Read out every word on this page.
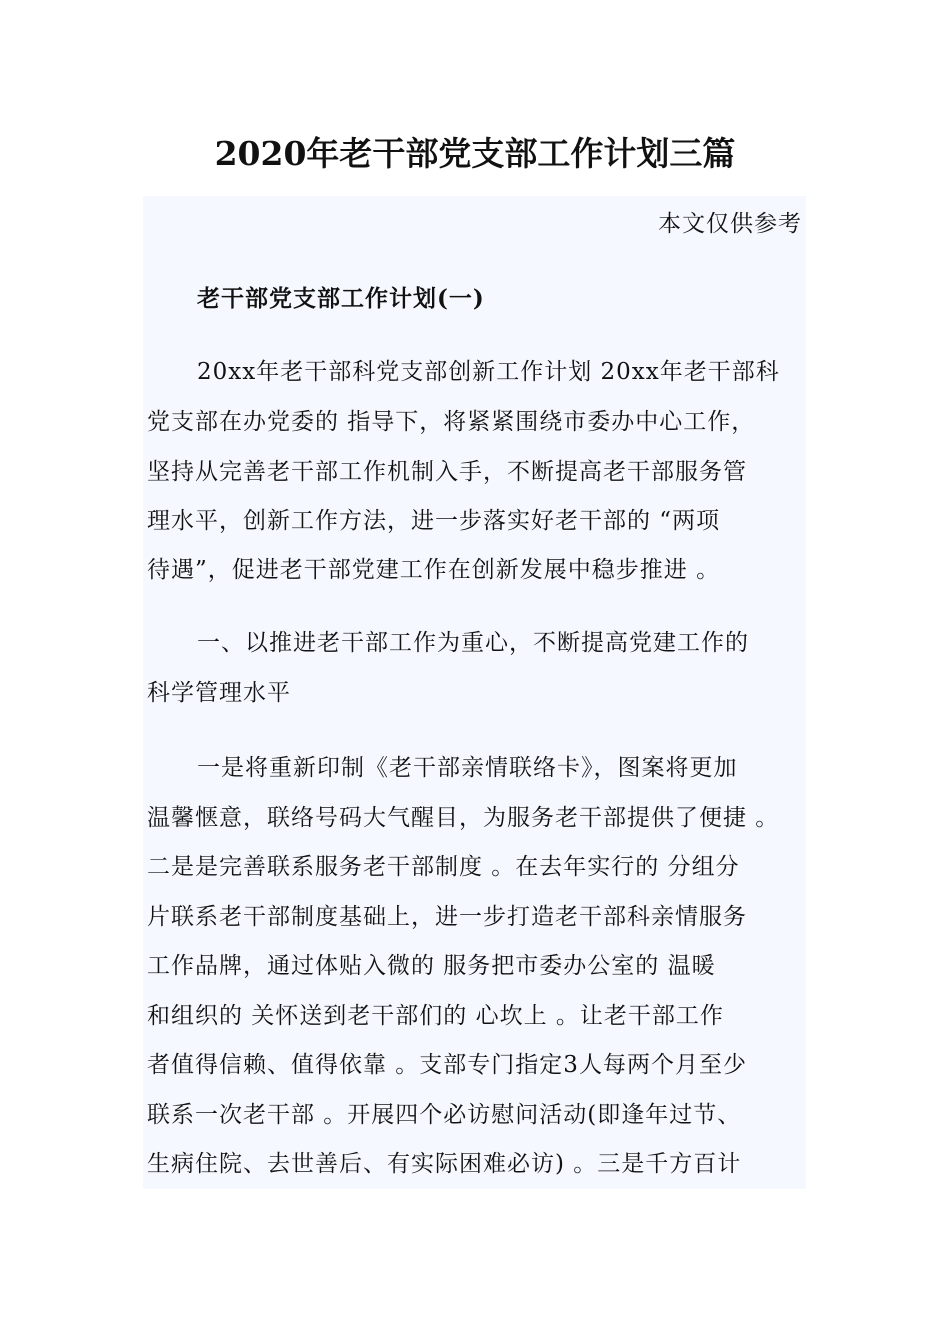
2020年老干部党支部工作计划三篇
本文仅供参考
老干部党支部工作计划(一)
20xx年老干部科党支部创新工作计划 20xx年老干部科
党支部在办党委的 指导下，将紧紧围绕市委办中心工作，
坚持从完善老干部工作机制入手，不断提高老干部服务管
理水平，创新工作方法，进一步落实好老干部的 “两项
待遇”，促进老干部党建工作在创新发展中稳步推进 。
一、以推进老干部工作为重心，不断提高党建工作的
科学管理水平
一是将重新印制《老干部亲情联络卡》，图案将更加
温馨惬意，联络号码大气醒目，为服务老干部提供了便捷 。
二是是完善联系服务老干部制度 。在去年实行的 分组分
片联系老干部制度基础上，进一步打造老干部科亲情服务
工作品牌，通过体贴入微的 服务把市委办公室的 温暖
和组织的 关怀送到老干部们的 心坎上 。让老干部工作
者值得信赖、值得依靠 。支部专门指定3人每两个月至少
联系一次老干部 。开展四个必访慰问活动(即逢年过节、
生病住院、去世善后、有实际困难必访) 。三是千方百计
